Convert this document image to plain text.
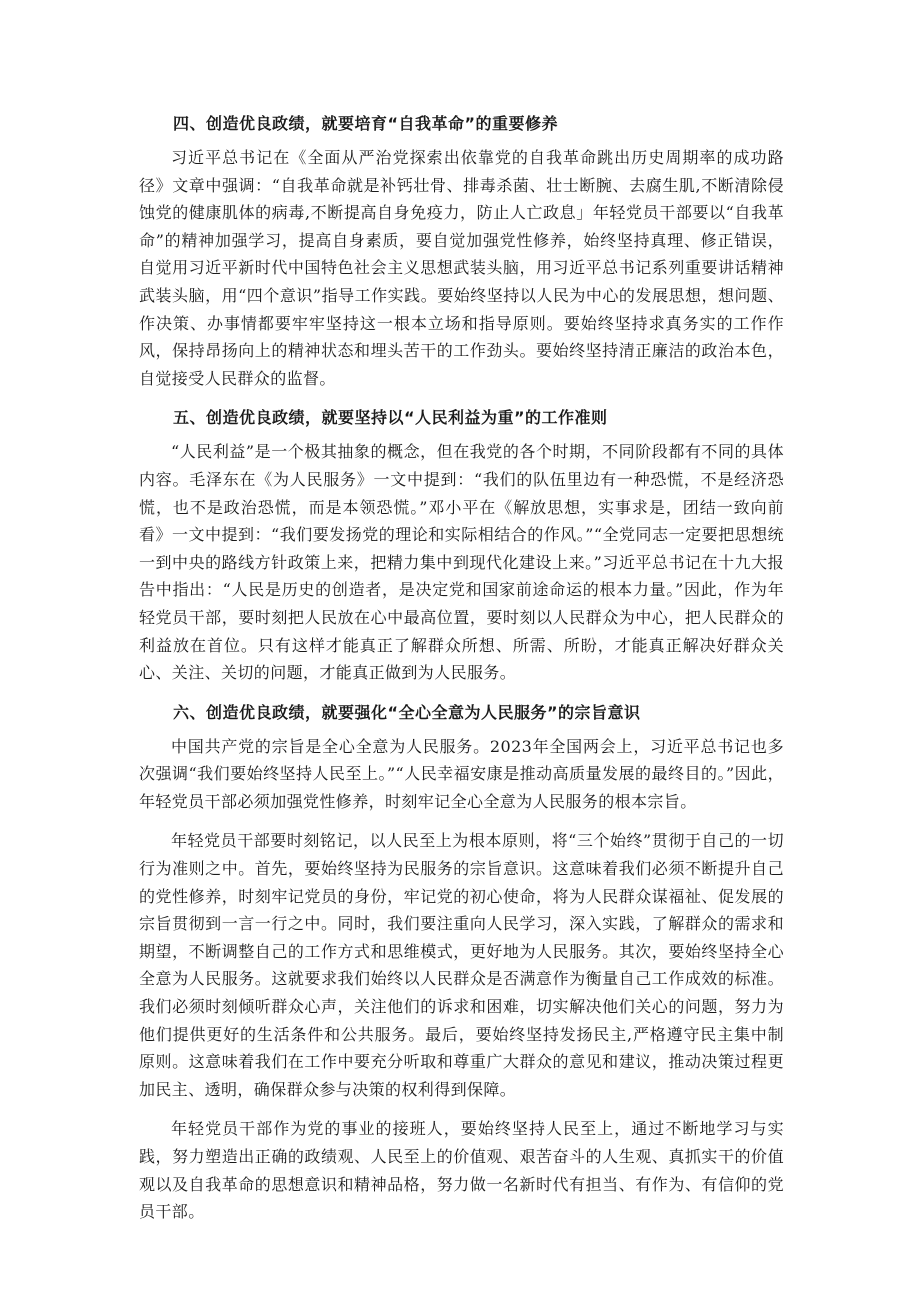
四、创造优良政绩，就要培育“自我革命”的重要修养

习近平总书记在《全面从严治党探索出依靠党的自我革命跳出历史周期率的成功路径》文章中强调：“自我革命就是补钙壮骨、排毒杀菌、壮士断腕、去腐生肌,不断清除侵蚀党的健康肌体的病毒,不断提高自身免疫力，防止人亡政息」年轻党员干部要以“自我革命”的精神加强学习，提高自身素质，要自觉加强党性修养，始终坚持真理、修正错误，自觉用习近平新时代中国特色社会主义思想武装头脑，用习近平总书记系列重要讲话精神武装头脑，用“四个意识”指导工作实践。要始终坚持以人民为中心的发展思想，想问题、作决策、办事情都要牢牢坚持这一根本立场和指导原则。要始终坚持求真务实的工作作风，保持昂扬向上的精神状态和埋头苦干的工作劲头。要始终坚持清正廉洁的政治本色，自觉接受人民群众的监督。

五、创造优良政绩，就要坚持以“人民利益为重”的工作准则

“人民利益”是一个极其抽象的概念，但在我党的各个时期，不同阶段都有不同的具体内容。毛泽东在《为人民服务》一文中提到：“我们的队伍里边有一种恐慌，不是经济恐慌，也不是政治恐慌，而是本领恐慌。”邓小平在《解放思想，实事求是，团结一致向前看》一文中提到：“我们要发扬党的理论和实际相结合的作风。”“全党同志一定要把思想统一到中央的路线方针政策上来，把精力集中到现代化建设上来。”习近平总书记在十九大报告中指出：“人民是历史的创造者，是决定党和国家前途命运的根本力量。”因此，作为年轻党员干部，要时刻把人民放在心中最高位置，要时刻以人民群众为中心，把人民群众的利益放在首位。只有这样才能真正了解群众所想、所需、所盼，才能真正解决好群众关心、关注、关切的问题，才能真正做到为人民服务。

六、创造优良政绩，就要强化“全心全意为人民服务”的宗旨意识

中国共产党的宗旨是全心全意为人民服务。2023年全国两会上，习近平总书记也多次强调“我们要始终坚持人民至上。”“人民幸福安康是推动高质量发展的最终目的。”因此，年轻党员干部必须加强党性修养，时刻牢记全心全意为人民服务的根本宗旨。

年轻党员干部要时刻铭记，以人民至上为根本原则，将“三个始终”贯彻于自己的一切行为准则之中。首先，要始终坚持为民服务的宗旨意识。这意味着我们必须不断提升自己的党性修养，时刻牢记党员的身份，牢记党的初心使命，将为人民群众谋福祉、促发展的宗旨贯彻到一言一行之中。同时，我们要注重向人民学习，深入实践，了解群众的需求和期望，不断调整自己的工作方式和思维模式，更好地为人民服务。其次，要始终坚持全心全意为人民服务。这就要求我们始终以人民群众是否满意作为衡量自己工作成效的标准。我们必须时刻倾听群众心声，关注他们的诉求和困难，切实解决他们关心的问题，努力为他们提供更好的生活条件和公共服务。最后，要始终坚持发扬民主,严格遵守民主集中制原则。这意味着我们在工作中要充分听取和尊重广大群众的意见和建议，推动决策过程更加民主、透明，确保群众参与决策的权利得到保障。

年轻党员干部作为党的事业的接班人，要始终坚持人民至上，通过不断地学习与实践，努力塑造出正确的政绩观、人民至上的价值观、艰苦奋斗的人生观、真抓实干的价值观以及自我革命的思想意识和精神品格，努力做一名新时代有担当、有作为、有信仰的党员干部。
